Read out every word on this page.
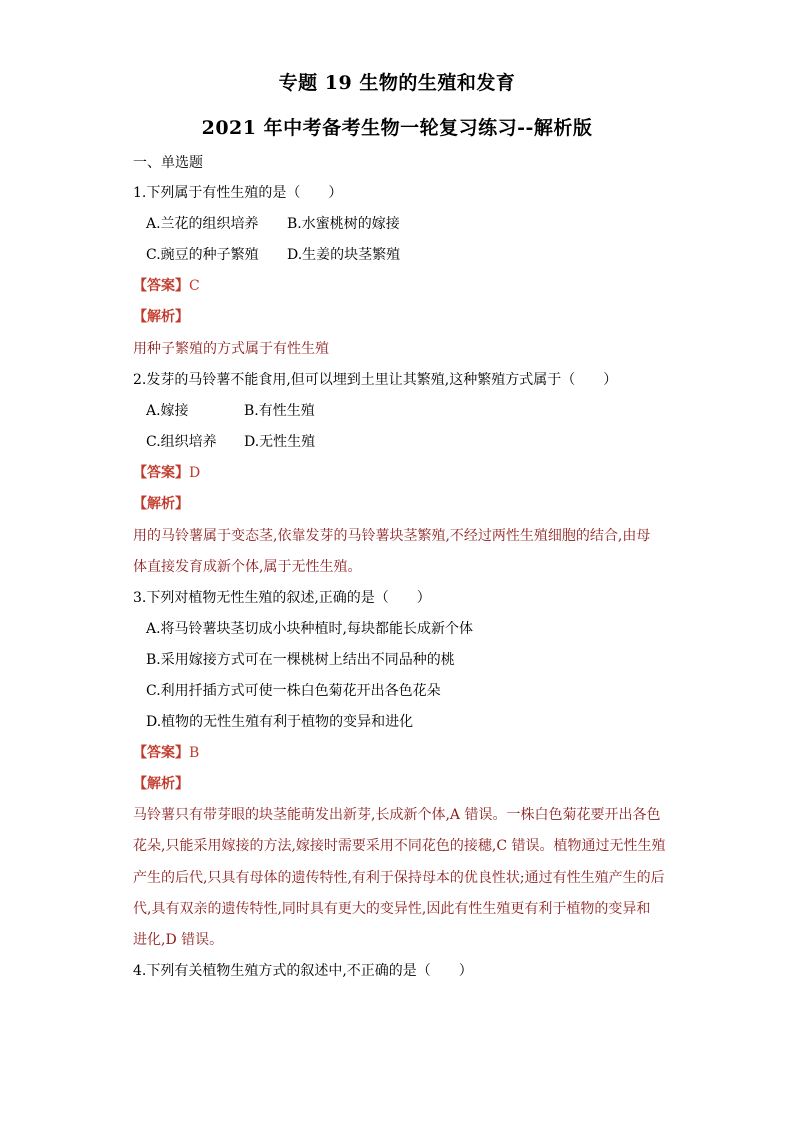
专题 19 生物的生殖和发育
2021 年中考备考生物一轮复习练习--解析版
一、单选题
1.下列属于有性生殖的是（　　）
A.兰花的组织培养 B.水蜜桃树的嫁接
C.豌豆的种子繁殖 D.生姜的块茎繁殖
【答案】C
【解析】
用种子繁殖的方式属于有性生殖
2.发芽的马铃薯不能食用,但可以埋到土里让其繁殖,这种繁殖方式属于（　　）
A.嫁接	B.有性生殖
C.组织培养 D.无性生殖
【答案】D
【解析】
用的马铃薯属于变态茎,依靠发芽的马铃薯块茎繁殖,不经过两性生殖细胞的结合,由母
体直接发育成新个体,属于无性生殖。
3.下列对植物无性生殖的叙述,正确的是（　　）
A.将马铃薯块茎切成小块种植时,每块都能长成新个体
B.采用嫁接方式可在一棵桃树上结出不同品种的桃
C.利用扦插方式可使一株白色菊花开出各色花朵
D.植物的无性生殖有利于植物的变异和进化
【答案】B
【解析】
马铃薯只有带芽眼的块茎能萌发出新芽,长成新个体,A 错误。一株白色菊花要开出各色
花朵,只能采用嫁接的方法,嫁接时需要采用不同花色的接穗,C 错误。植物通过无性生殖
产生的后代,只具有母体的遗传特性,有利于保持母本的优良性状;通过有性生殖产生的后
代,具有双亲的遗传特性,同时具有更大的变异性,因此有性生殖更有利于植物的变异和
进化,D 错误。
4.下列有关植物生殖方式的叙述中,不正确的是（　　）
